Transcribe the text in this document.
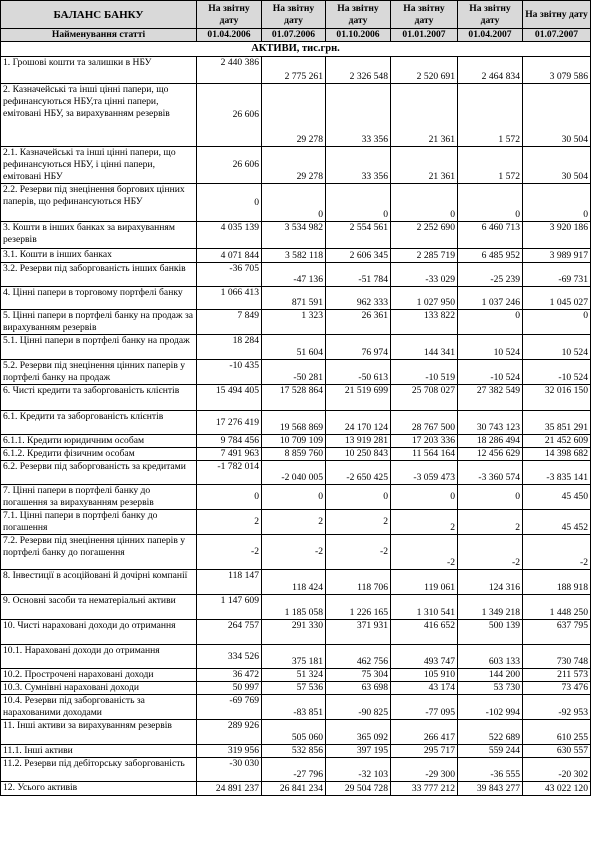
БАЛАНС БАНКУ	На звітну дату	На звітну дату	На звітну дату	На звітну дату	На звітну дату	На звітну дату
Найменування статті	01.04.2006	01.07.2006	01.10.2006	01.01.2007	01.04.2007	01.07.2007
АКТИВИ, тис.грн.						
1. Грошові кошти та залишки в НБУ	2 440 386	2 775 261	2 326 548	2 520 691	2 464 834	3 079 586
2. Казначейські та інші цінні папери, що рефинансуються НБУ,та цінні папери, емітовані НБУ, за вирахуванням резервів	26 606	29 278	33 356	21 361	1 572	30 504
2.1. Казначейські та інші цінні папери, що рефинансуються НБУ, і цінні папери, емітовані НБУ	26 606	29 278	33 356	21 361	1 572	30 504
2.2. Резерви під знецінення боргових цінних паперів, що рефинансуються НБУ	0	0	0	0	0	0
3. Кошти в інших банках за вирахуванням резервів	4 035 139	3 534 982	2 554 561	2 252 690	6 460 713	3 920 186
3.1. Кошти в інших банках	4 071 844	3 582 118	2 606 345	2 285 719	6 485 952	3 989 917
3.2. Резерви під заборгованість інших банків	-36 705	-47 136	-51 784	-33 029	-25 239	-69 731
4. Цінні папери в торговому портфелі банку	1 066 413	871 591	962 333	1 027 950	1 037 246	1 045 027
5. Цінні папери в портфелі банку на продаж за вирахуванням резервів	7 849	1 323	26 361	133 822	0	0
5.1. Цінні папери в портфелі банку на продаж	18 284	51 604	76 974	144 341	10 524	10 524
5.2. Резерви під знецінення цінних паперів у портфелі банку на продаж	-10 435	-50 281	-50 613	-10 519	-10 524	-10 524
6. Чисті кредити та заборгованість клієнтів	15 494 405	17 528 864	21 519 699	25 708 027	27 382 549	32 016 150
6.1. Кредити та заборгованість клієнтів	17 276 419	19 568 869	24 170 124	28 767 500	30 743 123	35 851 291
6.1.1. Кредити юридичним особам	9 784 456	10 709 109	13 919 281	17 203 336	18 286 494	21 452 609
6.1.2. Кредити фізичним особам	7 491 963	8 859 760	10 250 843	11 564 164	12 456 629	14 398 682
6.2. Резерви під заборгованість за кредитами	-1 782 014	-2 040 005	-2 650 425	-3 059 473	-3 360 574	-3 835 141
7. Цінні папери в портфелі банку до погашення за вирахуванням резервів	0	0	0	0	0	45 450
7.1. Цінні папери в портфелі банку до погашення	2	2	2	2	2	45 452
7.2. Резерви під знецінення цінних паперів у портфелі банку до погашення	-2	-2	-2	-2	-2	-2
8. Інвестиції в асоційовані й дочірні компанії	118 147	118 424	118 706	119 061	124 316	188 918
9. Основні засоби та нематеріальні активи	1 147 609	1 185 058	1 226 165	1 310 541	1 349 218	1 448 250
10. Чисті нараховані доходи до отримання	264 757	291 330	371 931	416 652	500 139	637 795
10.1. Нараховані доходи до отримання	334 526	375 181	462 756	493 747	603 133	730 748
10.2. Прострочені нараховані доходи	36 472	51 324	75 304	105 910	144 200	211 573
10.3. Сумнівні нараховані доходи	50 997	57 536	63 698	43 174	53 730	73 476
10.4. Резерви під заборгованість за нарахованими доходами	-69 769	-83 851	-90 825	-77 095	-102 994	-92 953
11. Інші активи за вирахуванням резервів	289 926	505 060	365 092	266 417	522 689	610 255
11.1. Інші активи	319 956	532 856	397 195	295 717	559 244	630 557
11.2. Резерви під дебіторську заборгованість	-30 030	-27 796	-32 103	-29 300	-36 555	-20 302
12. Усього активів	24 891 237	26 841 234	29 504 728	33 777 212	39 843 277	43 022 120
